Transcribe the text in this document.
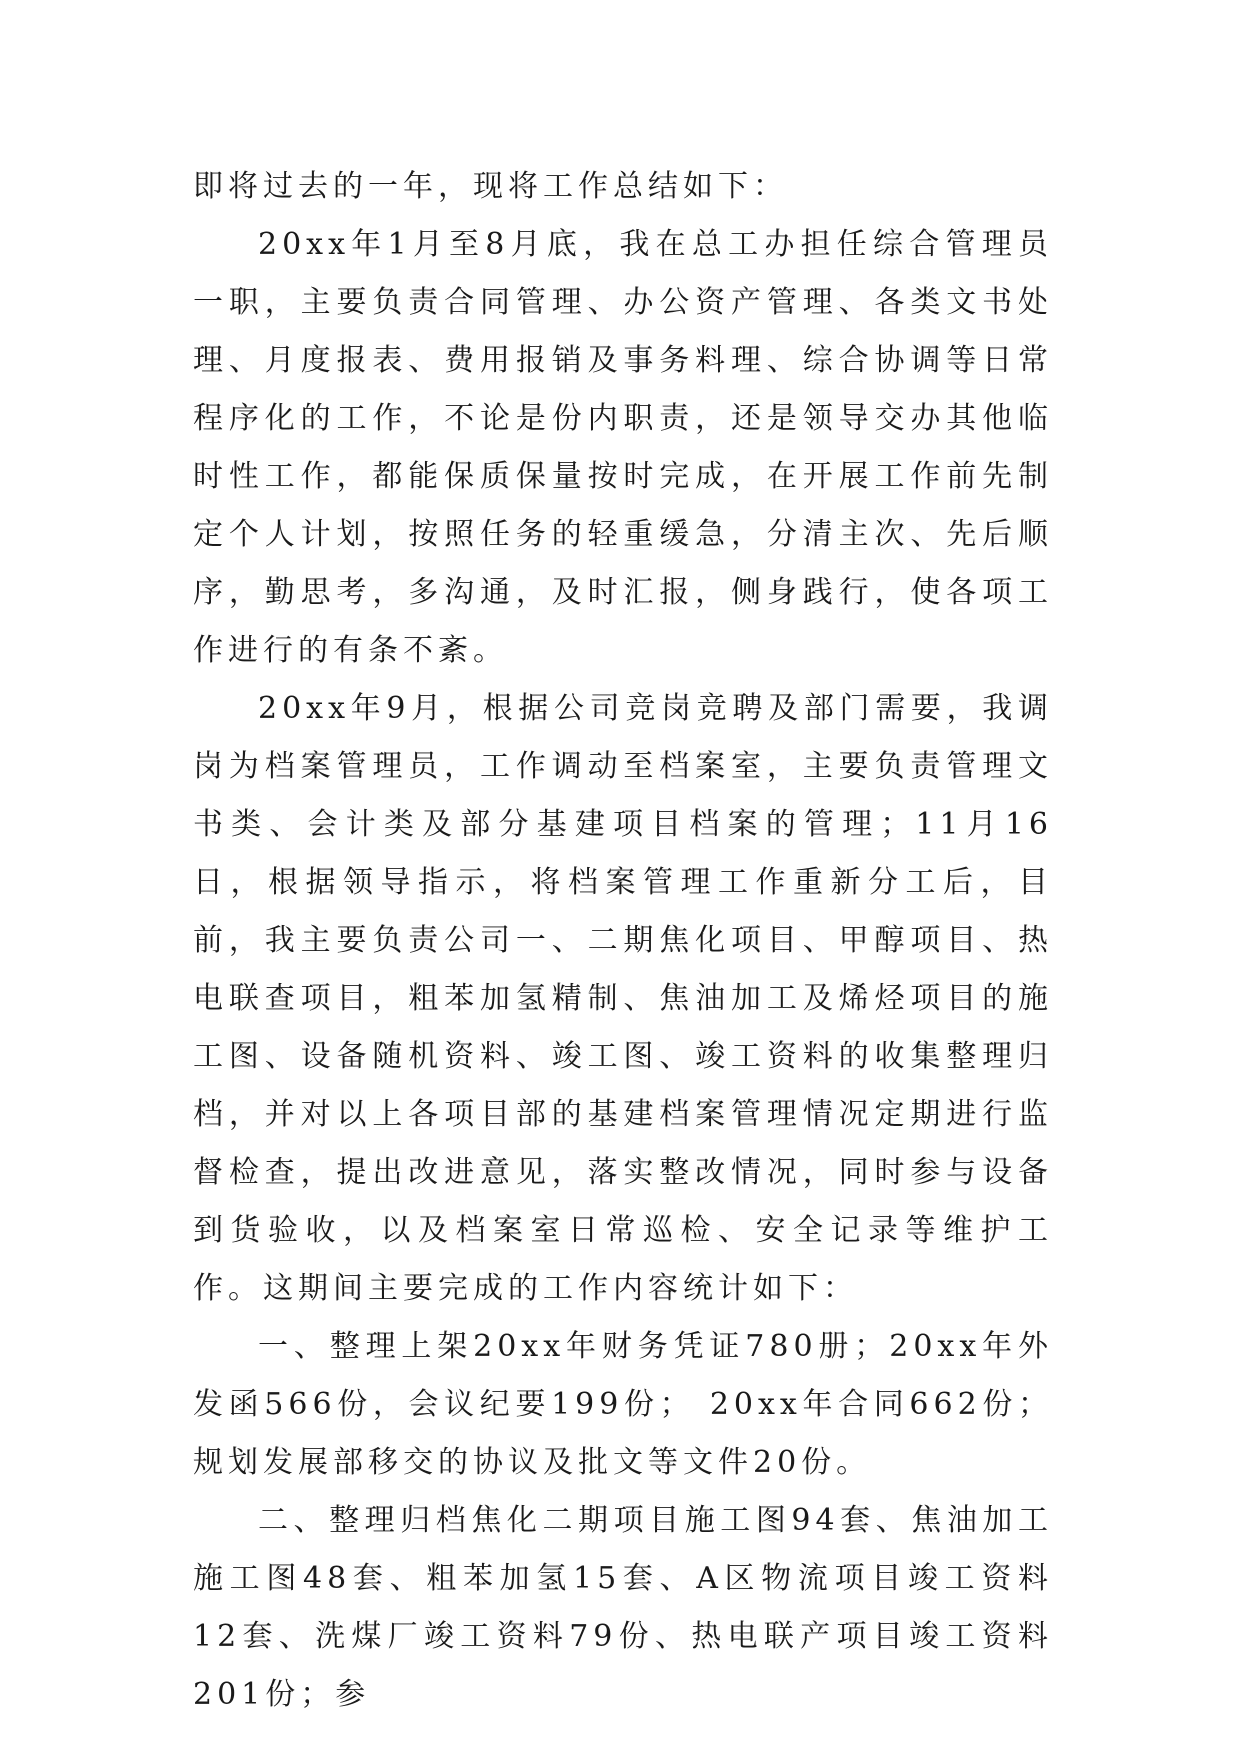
即将过去的一年，现将工作总结如下：

20xx年1月至8月底，我在总工办担任综合管理员一职，主要负责合同管理、办公资产管理、各类文书处理、月度报表、费用报销及事务料理、综合协调等日常程序化的工作，不论是份内职责，还是领导交办其他临时性工作，都能保质保量按时完成，在开展工作前先制定个人计划，按照任务的轻重缓急，分清主次、先后顺序，勤思考，多沟通，及时汇报，侧身践行，使各项工作进行的有条不紊。

20xx年9月，根据公司竞岗竞聘及部门需要，我调岗为档案管理员，工作调动至档案室，主要负责管理文书类、会计类及部分基建项目档案的管理；11月16日，根据领导指示，将档案管理工作重新分工后，目前，我主要负责公司一、二期焦化项目、甲醇项目、热电联查项目，粗苯加氢精制、焦油加工及烯烃项目的施工图、设备随机资料、竣工图、竣工资料的收集整理归档，并对以上各项目部的基建档案管理情况定期进行监督检查，提出改进意见，落实整改情况，同时参与设备到货验收，以及档案室日常巡检、安全记录等维护工作。这期间主要完成的工作内容统计如下：

一、整理上架20xx年财务凭证780册；20xx年外发函566份，会议纪要199份； 20xx年合同662份；规划发展部移交的协议及批文等文件20份。

二、整理归档焦化二期项目施工图94套、焦油加工施工图48套、粗苯加氢15套、A区物流项目竣工资料12套、洗煤厂竣工资料79份、热电联产项目竣工资料201份；参
